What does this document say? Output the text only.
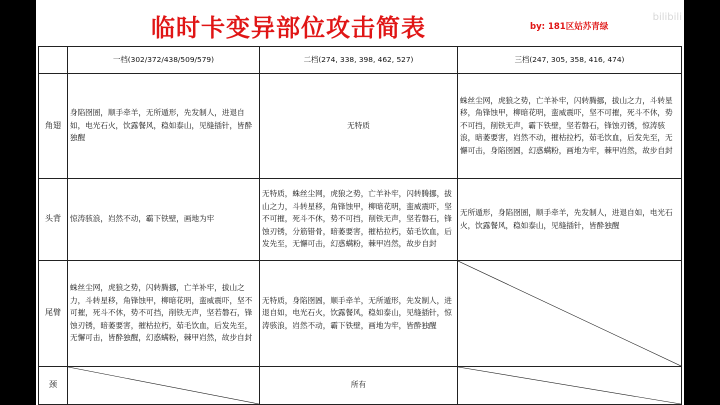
临时卡变异部位攻击简表	by: 181区姑苏青绿
bilibili
	一档(302/372/438/509/579)	二档(274, 338, 398, 462, 527)	三档(247, 305, 358, 416, 474)
角翅	身陷囹圄，顺手牵羊，无所遁形，先发制人，进退自如，电光石火，饮露餐风，稳如泰山，见缝插针，皆酔独醒	无特质	蛛丝尘网，虎狼之势，亡羊补牢，闪转腾挪，拔山之力，斗转星移，角锋蚀甲，柳暗花明，蛮威震吓，坚不可摧，死斗不休，势不可挡，削铁无声，霸下铁壁，坚若磐石，锋蚀刃锈，惊涛骇浪，暗萎要害，岿然不动，摧枯拉朽，茹毛饮血，后发先至，无懈可击，身陷囹圄，幻惑螨粉，画地为牢，棘甲岿然，故步自封
头背	惊涛骇浪，岿然不动，霸下铁壁，画地为牢	无特质，蛛丝尘网，虎狼之势，亡羊补牢，闪转腾挪，拔山之力，斗转星移，角锋蚀甲，柳暗花明，蛮威震吓，坚不可摧，死斗不休，势不可挡，削铁无声，坚若磐石，锋蚀刃锈，分筋错骨，暗萎要害，摧枯拉朽，茹毛饮血，后发先至，无懈可击，幻惑螨粉，棘甲岿然，故步自封	无所遁形，身陷囹圄，顺手牵羊，先发制人，进退自如，电光石火，饮露餐风，稳如泰山，见缝插针，皆酔独醒
尾臂	蛛丝尘网，虎狼之势，闪转腾挪，亡羊补牢，拔山之力，斗转星移，角锋蚀甲，柳暗花明，蛮威震吓，坚不可摧，死斗不休，势不可挡，削铁无声，坚若磐石，锋蚀刃锈，暗萎要害，摧枯拉朽，茹毛饮血，后发先至，无懈可击，皆酔独醒，幻惑螨粉，棘甲岿然，故步自封	无特质，身陷囹圄，顺手牵羊，无所遁形，先发制人，进退自如，电光石火，饮露餐风，稳如泰山，见缝插针，惊涛骇浪，岿然不动，霸下铁壁，画地为牢，皆酔独醒	

颈		所有	
